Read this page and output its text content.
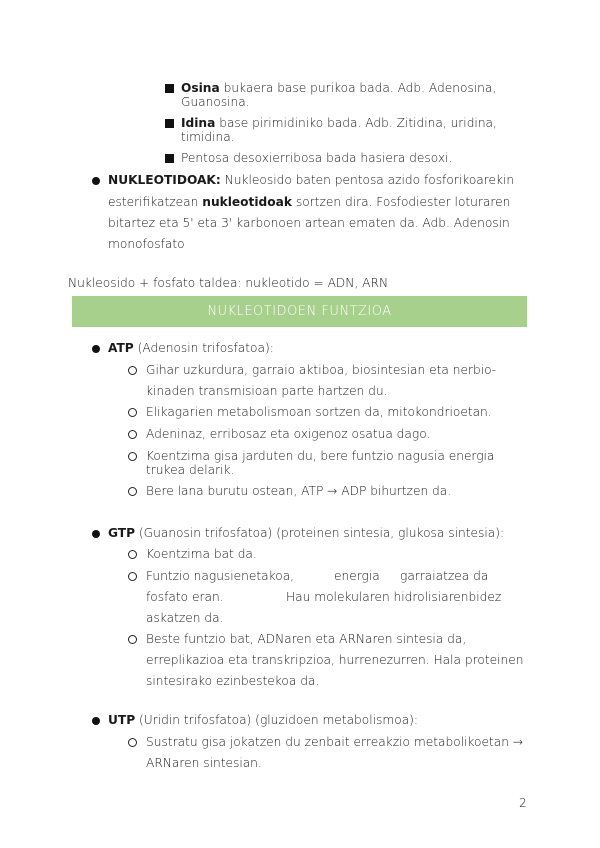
Osina bukaera base purikoa bada. Adb. Adenosina,
Guanosina.
Idina base pirimidiniko bada. Adb. Zitidina, uridina,
timidina.
Pentosa desoxierribosa bada hasiera desoxi.
NUKLEOTIDOAK: Nukleosido baten pentosa azido fosforikoarekin
esterifikatzean nukleotidoak sortzen dira. Fosfodiester loturaren
bitartez eta 5' eta 3' karbonoen artean ematen da. Adb. Adenosin
monofosfato
Nukleosido + fosfato taldea: nukleotido = ADN, ARN
NUKLEOTIDOEN FUNTZIOA
ATP (Adenosin trifosfatoa):
Gihar uzkurdura, garraio aktiboa, biosintesian eta nerbio-
kinaden transmisioan parte hartzen du.
Elikagarien metabolismoan sortzen da, mitokondrioetan.
Adeninaz, erribosaz eta oxigenoz osatua dago.
Koentzima gisa jarduten du, bere funtzio nagusia energia
trukea delarik.
Bere lana burutu ostean, ATP → ADP bihurtzen da.
GTP (Guanosin trifosfatoa) (proteinen sintesia, glukosa sintesia):
Koentzima bat da.
Funtzio nagusienetakoa,	energia garraiatzea da
fosfato eran.	Hau molekularen hidrolisiarenbidez
askatzen da.
Beste funtzio bat, ADNaren eta ARNaren sintesia da,
erreplikazioa eta transkripzioa, hurrenezurren. Hala proteinen
sintesirako ezinbestekoa da.
UTP (Uridin trifosfatoa) (gluzidoen metabolismoa):
Sustratu gisa jokatzen du zenbait erreakzio metabolikoetan →
ARNaren sintesian.
2
